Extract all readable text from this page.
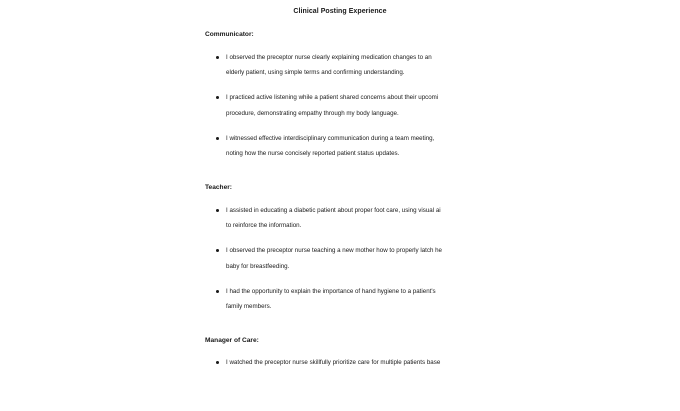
Clinical Posting Experience
Communicator:
I observed the preceptor nurse clearly explaining medication changes to an
elderly patient, using simple terms and confirming understanding.
I practiced active listening while a patient shared concerns about their upcomi
procedure, demonstrating empathy through my body language.
I witnessed effective interdisciplinary communication during a team meeting,
noting how the nurse concisely reported patient status updates.
Teacher:
I assisted in educating a diabetic patient about proper foot care, using visual ai
to reinforce the information.
I observed the preceptor nurse teaching a new mother how to properly latch he
baby for breastfeeding.
I had the opportunity to explain the importance of hand hygiene to a patient's
family members.
Manager of Care:
I watched the preceptor nurse skillfully prioritize care for multiple patients base
